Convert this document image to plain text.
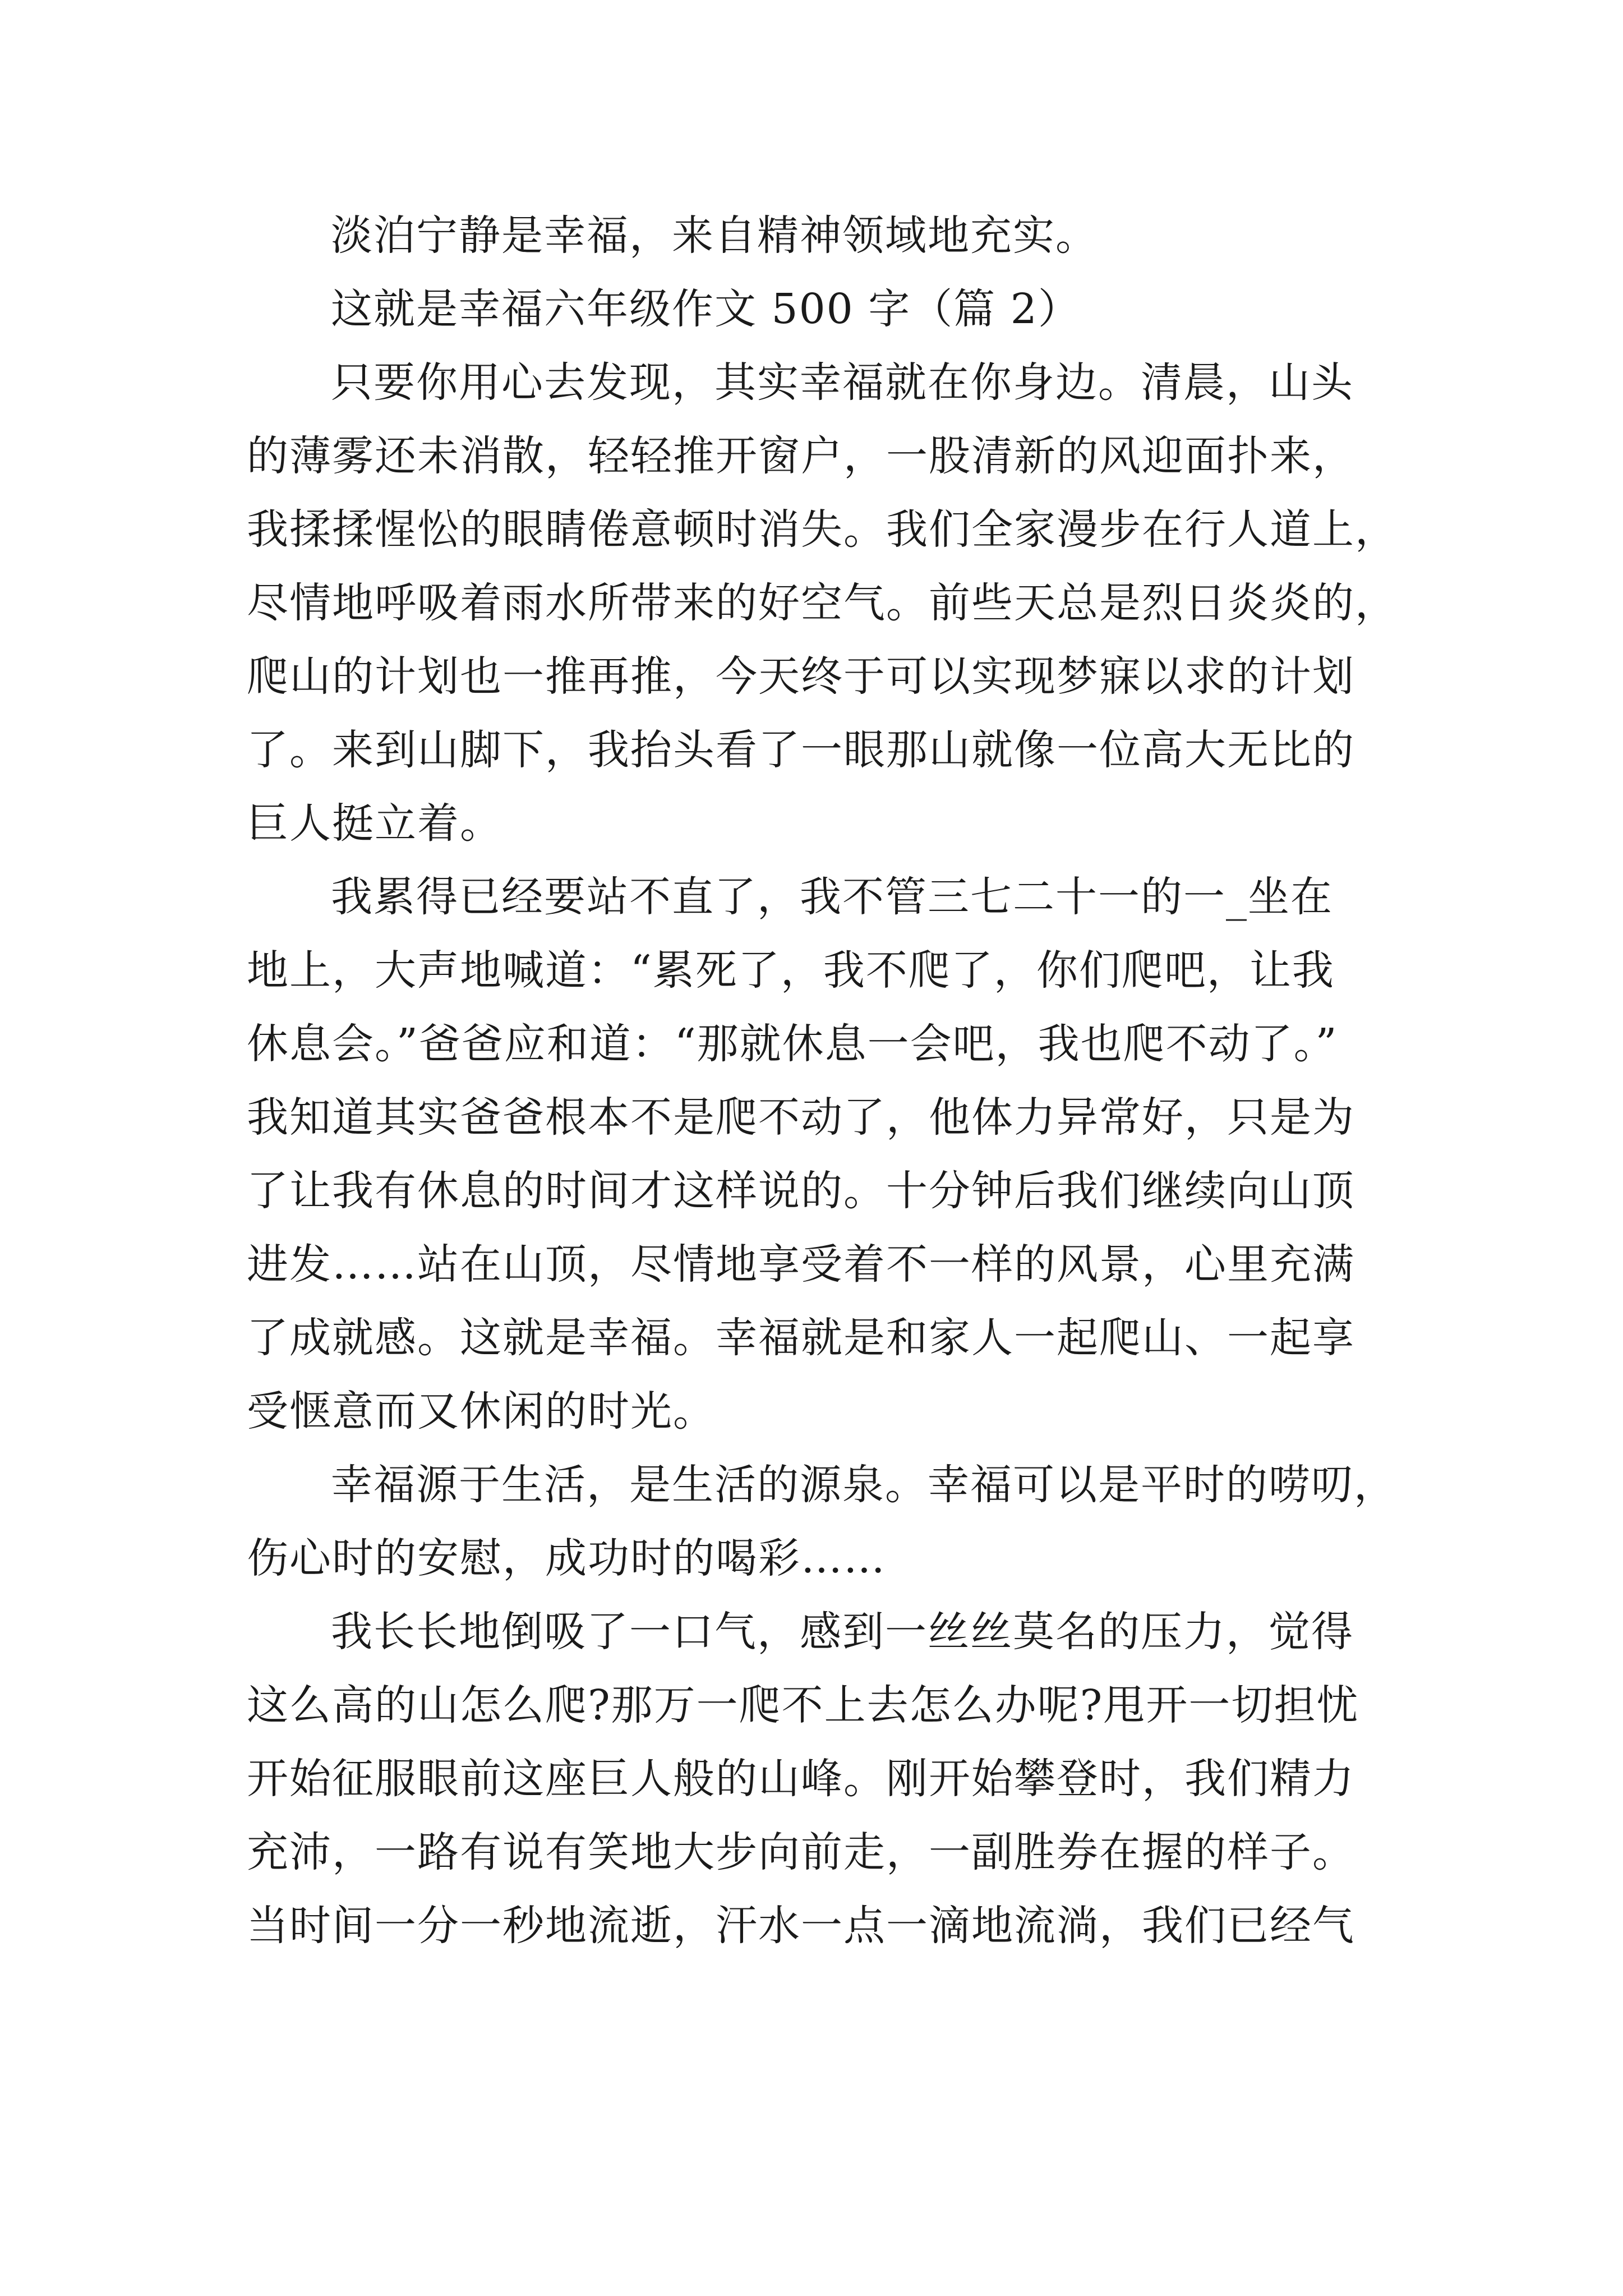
淡泊宁静是幸福，来自精神领域地充实。
这就是幸福六年级作文 500 字（篇 2）
只要你用心去发现，其实幸福就在你身边。清晨，山头
的薄雾还未消散，轻轻推开窗户，一股清新的风迎面扑来，
我揉揉惺忪的眼睛倦意顿时消失。我们全家漫步在行人道上，
尽情地呼吸着雨水所带来的好空气。前些天总是烈日炎炎的，
爬山的计划也一推再推，今天终于可以实现梦寐以求的计划
了。来到山脚下，我抬头看了一眼那山就像一位高大无比的
巨人挺立着。
我累得已经要站不直了，我不管三七二十一的一_坐在
地上，大声地喊道：“累死了，我不爬了，你们爬吧，让我
休息会。”爸爸应和道：“那就休息一会吧，我也爬不动了。”
我知道其实爸爸根本不是爬不动了，他体力异常好，只是为
了让我有休息的时间才这样说的。十分钟后我们继续向山顶
进发……站在山顶，尽情地享受着不一样的风景，心里充满
了成就感。这就是幸福。幸福就是和家人一起爬山、一起享
受惬意而又休闲的时光。
幸福源于生活，是生活的源泉。幸福可以是平时的唠叨，
伤心时的安慰，成功时的喝彩……
我长长地倒吸了一口气，感到一丝丝莫名的压力，觉得
这么高的山怎么爬?那万一爬不上去怎么办呢?甩开一切担忧
开始征服眼前这座巨人般的山峰。刚开始攀登时，我们精力
充沛，一路有说有笑地大步向前走，一副胜券在握的样子。
当时间一分一秒地流逝，汗水一点一滴地流淌，我们已经气
